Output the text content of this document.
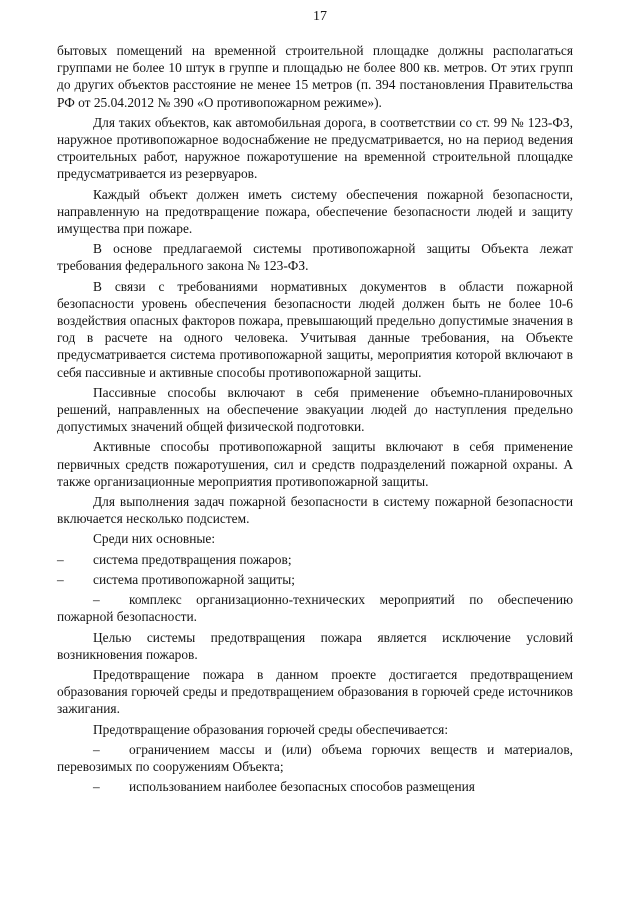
17

бытовых помещений на временной строительной площадке должны располагаться группами не более 10 штук в группе и площадью не более 800 кв. метров. От этих групп до других объектов расстояние не менее 15 метров (п. 394 постановления Правительства РФ от 25.04.2012 № 390 «О противопожарном режиме»).

Для таких объектов, как автомобильная дорога, в соответствии со ст. 99 № 123-ФЗ, наружное противопожарное водоснабжение не предусматривается, но на период ведения строительных работ, наружное пожаротушение на временной строительной площадке предусматривается из резервуаров.

Каждый объект должен иметь систему обеспечения пожарной безопасности, направленную на предотвращение пожара, обеспечение безопасности людей и защиту имущества при пожаре.

В основе предлагаемой системы противопожарной защиты Объекта лежат требования федерального закона № 123-ФЗ.

В связи с требованиями нормативных документов в области пожарной безопасности уровень обеспечения безопасности людей должен быть не более 10-6 воздействия опасных факторов пожара, превышающий предельно допустимые значения в год в расчете на одного человека. Учитывая данные требования, на Объекте предусматривается система противопожарной защиты, мероприятия которой включают в себя пассивные и активные способы противопожарной защиты.

Пассивные способы включают в себя применение объемно-планировочных решений, направленных на обеспечение эвакуации людей до наступления предельно допустимых значений общей физической подготовки.

Активные способы противопожарной защиты включают в себя применение первичных средств пожаротушения, сил и средств подразделений пожарной охраны. А также организационные мероприятия противопожарной защиты.

Для выполнения задач пожарной безопасности в систему пожарной безопасности включается несколько подсистем.

Среди них основные:

– система предотвращения пожаров;

– система противопожарной защиты;

– комплекс организационно-технических мероприятий по обеспечению пожарной безопасности.

Целью системы предотвращения пожара является исключение условий возникновения пожаров.

Предотвращение пожара в данном проекте достигается предотвращением образования горючей среды и предотвращением образования в горючей среде источников зажигания.

Предотвращение образования горючей среды обеспечивается:

– ограничением массы и (или) объема горючих веществ и материалов, перевозимых по сооружениям Объекта;

– использованием наиболее безопасных способов размещения
